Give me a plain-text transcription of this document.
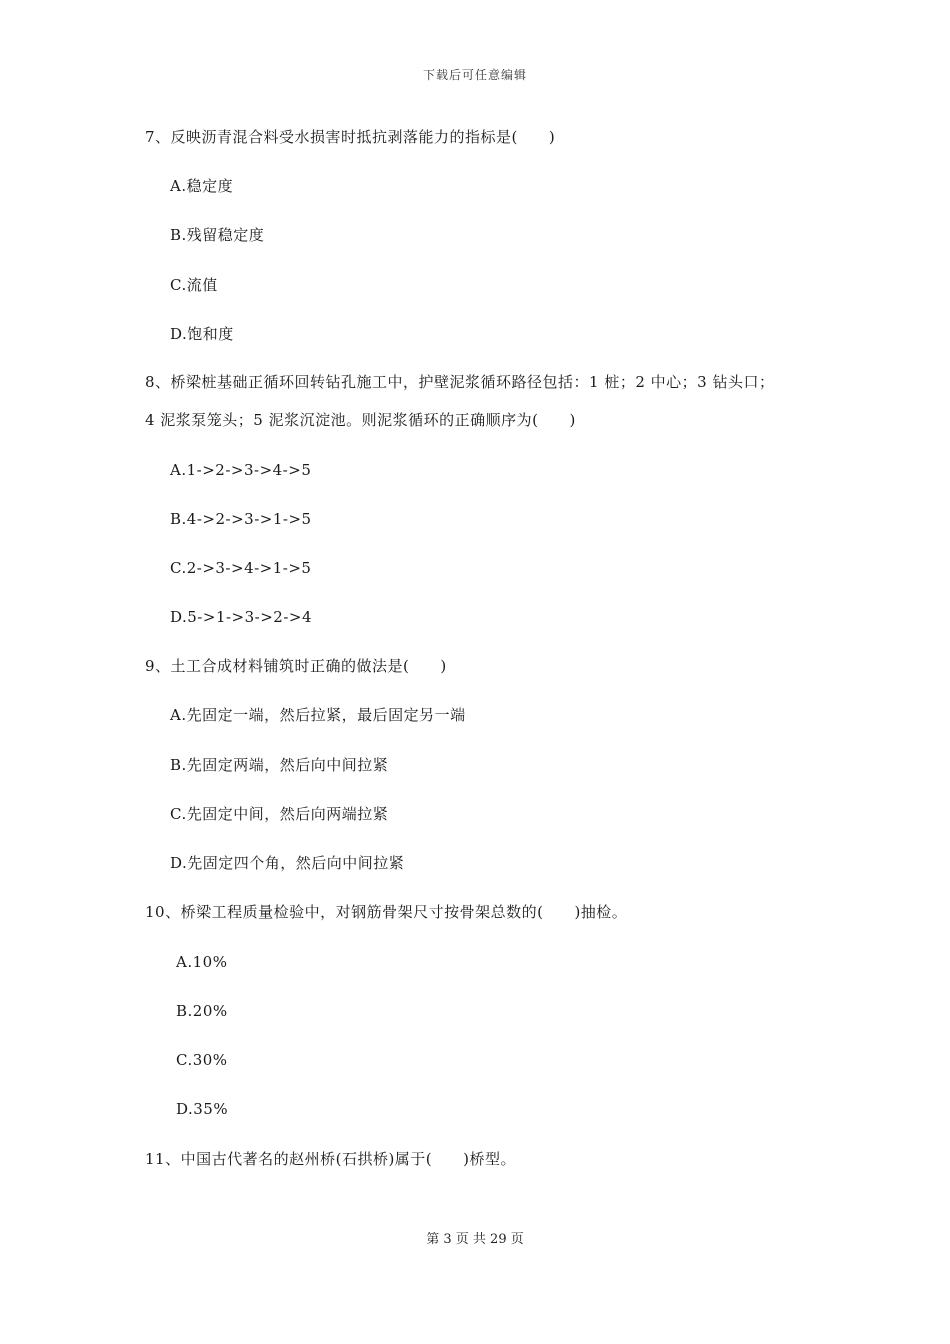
下载后可任意编辑
7、反映沥青混合料受水损害时抵抗剥落能力的指标是(　　)
A.稳定度
B.残留稳定度
C.流值
D.饱和度
8、桥梁桩基础正循环回转钻孔施工中，护壁泥浆循环路径包括：1 桩；2 中心；3 钻头口；
4 泥浆泵笼头；5 泥浆沉淀池。则泥浆循环的正确顺序为(　　)
A.1->2->3->4->5
B.4->2->3->1->5
C.2->3->4->1->5
D.5->1->3->2->4
9、土工合成材料铺筑时正确的做法是(　　)
A.先固定一端，然后拉紧，最后固定另一端
B.先固定两端，然后向中间拉紧
C.先固定中间，然后向两端拉紧
D.先固定四个角，然后向中间拉紧
10、桥梁工程质量检验中，对钢筋骨架尺寸按骨架总数的(　　)抽检。
A.10%
B.20%
C.30%
D.35%
11、中国古代著名的赵州桥(石拱桥)属于(　　)桥型。
第 3 页 共 29 页
